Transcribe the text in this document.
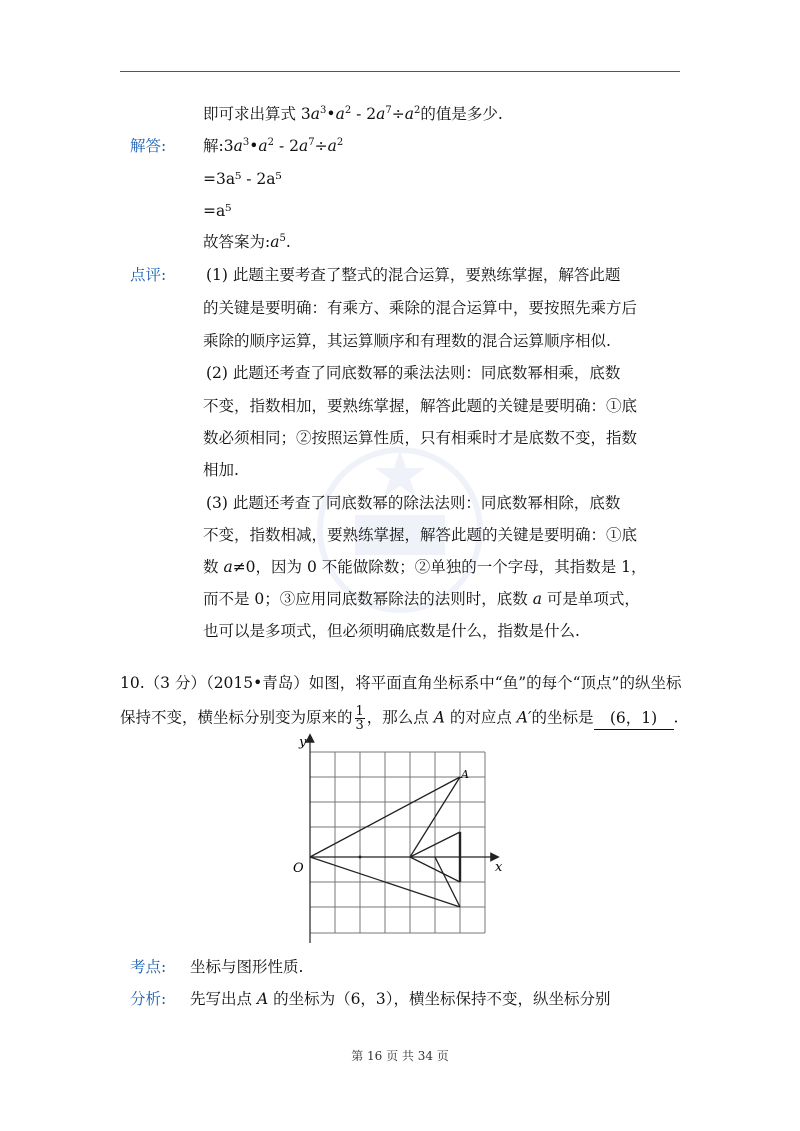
即可求出算式 $3a^3•a^2 - 2a^7\div a^2$的值是多少.
解答: 解$:3a^3•a^2 - 2a^7\div a^2$
=3a⁵ - 2a⁵
=a⁵
故答案为$:a^5$.
点评:	(1) 此题主要考查了整式的混合运算，要熟练掌握，解答此题
的关键是要明确：有乘方、乘除的混合运算中，要按照先乘方后
乘除的顺序运算，其运算顺序和有理数的混合运算顺序相似.
(2) 此题还考查了同底数幂的乘法法则：同底数幂相乘，底数
不变，指数相加，要熟练掌握，解答此题的关键是要明确：①底
数必须相同；②按照运算性质，只有相乘时才是底数不变，指数
相加.
(3) 此题还考查了同底数幂的除法法则：同底数幂相除，底数
不变，指数相减，要熟练掌握，解答此题的关键是要明确：①底
数 a≠0，因为 0 不能做除数；②单独的一个字母，其指数是 1，
而不是 0；③应用同底数幂除法的法则时，底数 a 可是单项式，
也可以是多项式，但必须明确底数是什么，指数是什么.
10.（3 分）（2015•青岛）如图，将平面直角坐标系中“鱼”的每个“顶点”的纵坐标
保持不变，横坐标分别变为原来的 $\frac{1}{3}$ ，那么点 A 的对应点 A′的坐标是 (6，1) .
y
x
O
A
考点: 坐标与图形性质.
分析: 先写出点 A 的坐标为（6，3），横坐标保持不变，纵坐标分别
第 16 页 共 34 页
